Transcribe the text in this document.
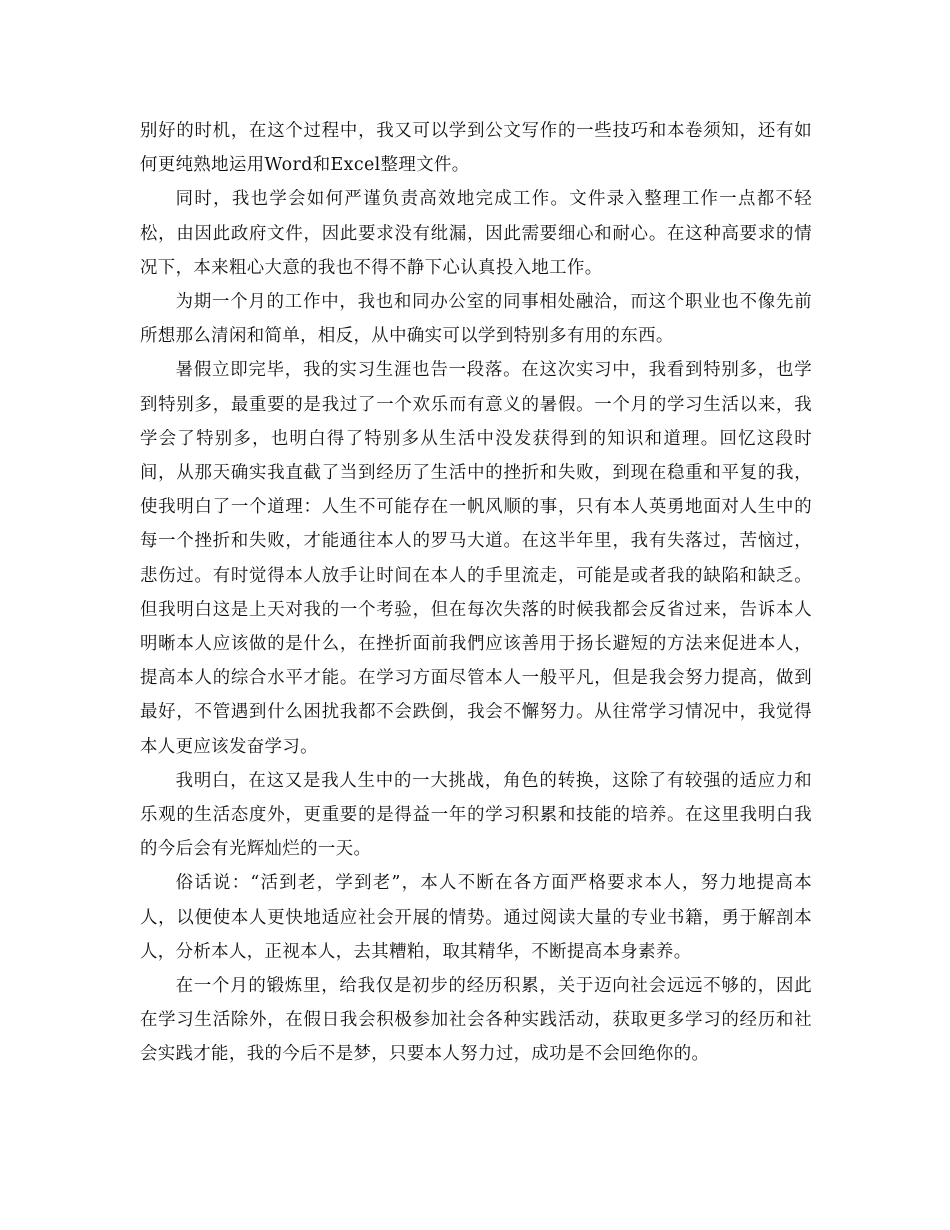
别好的时机，在这个过程中，我又可以学到公文写作的一些技巧和本卷须知，还有如何更纯熟地运用Word和Excel整理文件。

同时，我也学会如何严谨负责高效地完成工作。文件录入整理工作一点都不轻松，由因此政府文件，因此要求没有纰漏，因此需要细心和耐心。在这种高要求的情况下，本来粗心大意的我也不得不静下心认真投入地工作。

为期一个月的工作中，我也和同办公室的同事相处融洽，而这个职业也不像先前所想那么清闲和简单，相反，从中确实可以学到特别多有用的东西。

暑假立即完毕，我的实习生涯也告一段落。在这次实习中，我看到特别多，也学到特别多，最重要的是我过了一个欢乐而有意义的暑假。一个月的学习生活以来，我学会了特别多，也明白得了特别多从生活中没发获得到的知识和道理。回忆这段时间，从那天确实我直截了当到经历了生活中的挫折和失败，到现在稳重和平复的我，使我明白了一个道理：人生不可能存在一帆风顺的事，只有本人英勇地面对人生中的每一个挫折和失败，才能通往本人的罗马大道。在这半年里，我有失落过，苦恼过，悲伤过。有时觉得本人放手让时间在本人的手里流走，可能是或者我的缺陷和缺乏。但我明白这是上天对我的一个考验，但在每次失落的时候我都会反省过来，告诉本人明晰本人应该做的是什么，在挫折面前我們应该善用于扬长避短的方法来促进本人，提高本人的综合水平才能。在学习方面尽管本人一般平凡，但是我会努力提高，做到最好，不管遇到什么困扰我都不会跌倒，我会不懈努力。从往常学习情况中，我觉得本人更应该发奋学习。

我明白，在这又是我人生中的一大挑战，角色的转换，这除了有较强的适应力和乐观的生活态度外，更重要的是得益一年的学习积累和技能的培养。在这里我明白我的今后会有光辉灿烂的一天。

俗话说：“活到老，学到老”，本人不断在各方面严格要求本人，努力地提高本人，以便使本人更快地适应社会开展的情势。通过阅读大量的专业书籍，勇于解剖本人，分析本人，正视本人，去其糟粕，取其精华，不断提高本身素养。

在一个月的锻炼里，给我仅是初步的经历积累，关于迈向社会远远不够的，因此在学习生活除外，在假日我会积极参加社会各种实践活动，获取更多学习的经历和社会实践才能，我的今后不是梦，只要本人努力过，成功是不会回绝你的。
